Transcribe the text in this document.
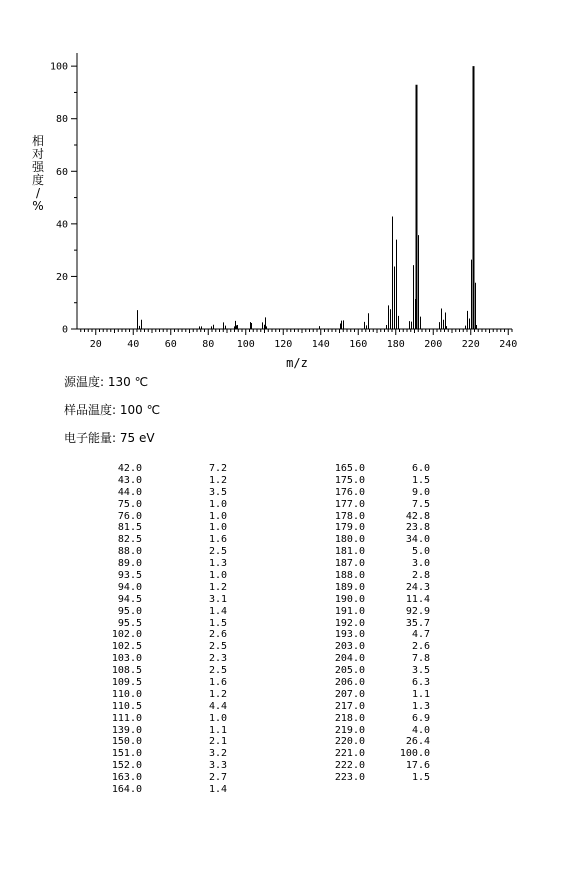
20	40	60	80 100 120 140 160 180 200 220 240
0
20
40
60
80
100
m/z
相对强度/ %
源温度: 130 ℃
样品温度: 100 ℃
电子能量: 75 eV
42.0	7.2
43.0	1.2
44.0	3.5
75.0	1.0
76.0	1.0
81.5	1.0
82.5	1.6
88.0	2.5
89.0	1.3
93.5	1.0
94.0	1.2
94.5	3.1
95.0	1.4
95.5	1.5
102.0	2.6
102.5	2.5
103.0	2.3
108.5	2.5
109.5	1.6
110.0	1.2
110.5	4.4
111.0	1.0
139.0	1.1
150.0	2.1
151.0	3.2
152.0	3.3
163.0	2.7
164.0	1.4
165.0	6.0
175.0	1.5
176.0	9.0
177.0	7.5
178.0	42.8
179.0	23.8
180.0	34.0
181.0	5.0
187.0	3.0
188.0	2.8
189.0	24.3
190.0	11.4
191.0	92.9
192.0	35.7
193.0	4.7
203.0	2.6
204.0	7.8
205.0	3.5
206.0	6.3
207.0	1.1
217.0	1.3
218.0	6.9
219.0	4.0
220.0	26.4
221.0	100.0
222.0	17.6
223.0	1.5
